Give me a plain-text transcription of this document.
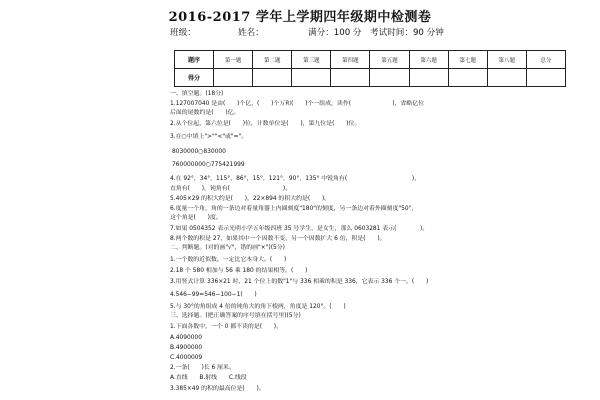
2016-2017 学年上学期四年级期中检测卷
班级：	姓名：	满分：100 分 考试时间：90 分钟
题序	第一题	第二题	第三题	第四题	第五题	第六题	第七题	第八题	总分
得分									
一、填空题。(18分)
1.127007040 是由(　　)个亿、(　　)个万和(　　)个一组成，读作(　　　　　　　)，省略亿位
后面的尾数约是(　　)亿。
2.从个位起，第六位是(　　)位，计数单位是(　　)，第九位是(　　)位。
3.在○中填上">""<"或"="。
8030000○830000
760000000○775421999
4.在 92°，34°，115°，86°，15°，121°，90°，135° 中锐角有(　　　　　　　　　　　)，
直角有(　　)，钝角有(　　　　　　　　　)。
5.405×29 的积大约是(　　)，22×894 的积大约是(　　)。
6.度量一个角，角的一条边对着量角器上内圈刻度"180"的刻度，另一条边对着外圈刻度"50"，
这个角是(　　)度。
7.如果 0504352 表示光明小学五年级四班 35 号学生，是女生，那么 0603281 表示(　　　　)。
8.两个数的积是 27，如果其中一个因数不变，另一个因数扩大 6 倍，积是(　　)。
二、判断题。(对的画"√"，错的画"×")(5分)
1.一个数的近似数，一定比它本身大。(　　)
2.18 个 580 相加与 56 乘 180 的结果相等。(　　)
3.用竖式计算 336×21 时，21 个位上的数"1"与 336 相乘的积是 336，它表示 336 个一。(　　)
4.546−99=546−100−1(　　)
5.与 30°的角组成 4 倍的钝角大的角下棱两，角度是 120°。(　　)
三、选择题。(把正确答案的序号填在括号里)(5分)
1.下面各数中，一个 0 都不读的是(　　)。
A.4090000
B.4900000
C.4000009
2.一条(　　)长 6 厘米。
A.直线　　B.射线　　C.线段
3.385×49 的积的最高位是(　　)。
